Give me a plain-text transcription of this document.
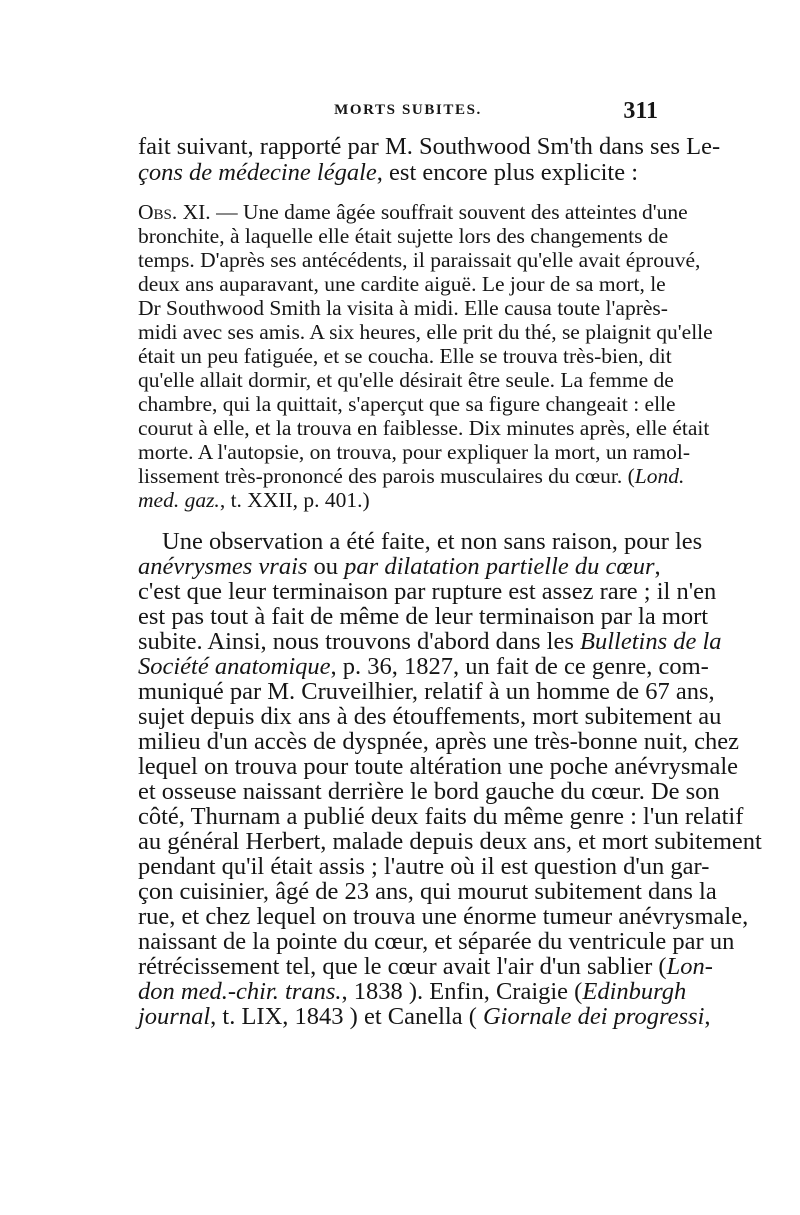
MORTS SUBITES.	311
fait suivant, rapporté par M. Southwood Sm'th dans ses Le-
çons de médecine légale, est encore plus explicite :
Obs. XI. — Une dame âgée souffrait souvent des atteintes d'une
bronchite, à laquelle elle était sujette lors des changements de
temps. D'après ses antécédents, il paraissait qu'elle avait éprouvé,
deux ans auparavant, une cardite aiguë. Le jour de sa mort, le
Dr Southwood Smith la visita à midi. Elle causa toute l'après-
midi avec ses amis. A six heures, elle prit du thé, se plaignit qu'elle
était un peu fatiguée, et se coucha. Elle se trouva très-bien, dit
qu'elle allait dormir, et qu'elle désirait être seule. La femme de
chambre, qui la quittait, s'aperçut que sa figure changeait : elle
courut à elle, et la trouva en faiblesse. Dix minutes après, elle était
morte. A l'autopsie, on trouva, pour expliquer la mort, un ramol-
lissement très-prononcé des parois musculaires du cœur. (Lond.
med. gaz., t. XXII, p. 401.)
Une observation a été faite, et non sans raison, pour les
anévrysmes vrais ou par dilatation partielle du cœur,
c'est que leur terminaison par rupture est assez rare ; il n'en
est pas tout à fait de même de leur terminaison par la mort
subite. Ainsi, nous trouvons d'abord dans les Bulletins de la
Société anatomique, p. 36, 1827, un fait de ce genre, com-
muniqué par M. Cruveilhier, relatif à un homme de 67 ans,
sujet depuis dix ans à des étouffements, mort subitement au
milieu d'un accès de dyspnée, après une très-bonne nuit, chez
lequel on trouva pour toute altération une poche anévrysmale
et osseuse naissant derrière le bord gauche du cœur. De son
côté, Thurnam a publié deux faits du même genre : l'un relatif
au général Herbert, malade depuis deux ans, et mort subitement
pendant qu'il était assis ; l'autre où il est question d'un gar-
çon cuisinier, âgé de 23 ans, qui mourut subitement dans la
rue, et chez lequel on trouva une énorme tumeur anévrysmale,
naissant de la pointe du cœur, et séparée du ventricule par un
rétrécissement tel, que le cœur avait l'air d'un sablier (Lon-
don med.-chir. trans., 1838 ). Enfin, Craigie (Edinburgh
journal, t. LIX, 1843 ) et Canella ( Giornale dei progressi,
